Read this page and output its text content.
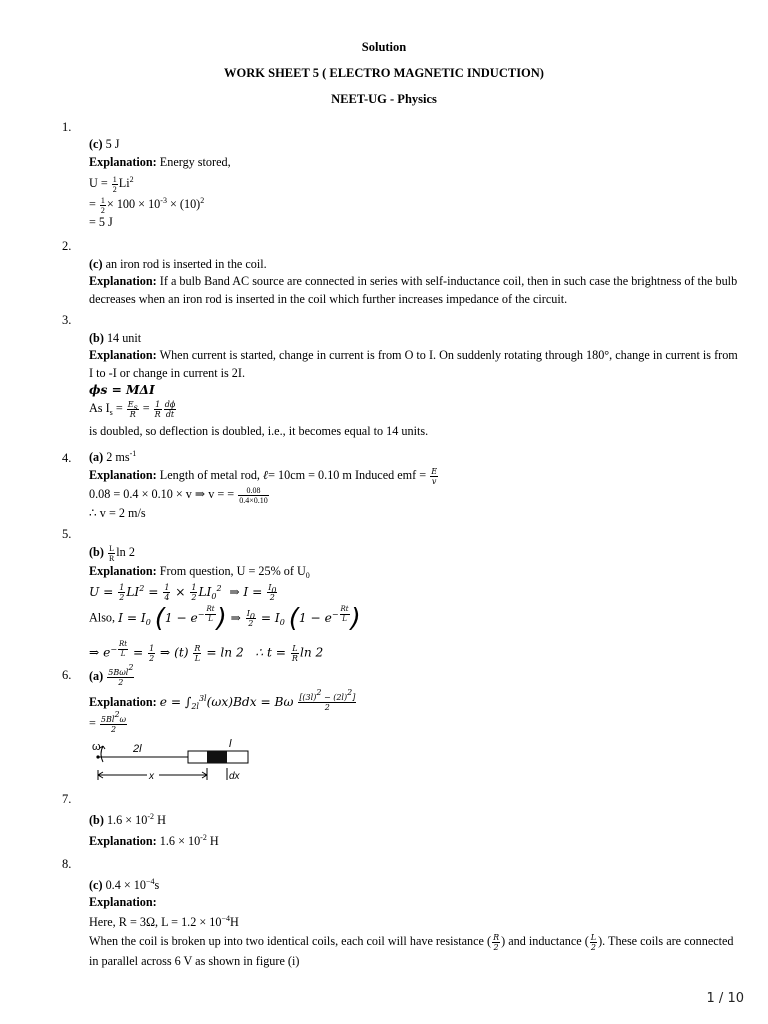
Solution
WORK SHEET 5 ( ELECTRO MAGNETIC INDUCTION)
NEET-UG - Physics
1.
(c) 5 J
Explanation: Energy stored,
$U = \frac{1}{2} Li^2$
= $\frac{1}{2} \times 100 \times 10^{-3} \times (10)^2$
= 5 J
2.
(c) an iron rod is inserted in the coil.
Explanation: If a bulb Band AC source are connected in series with self-inductance coil, then in such case the brightness of the bulb decreases when an iron rod is inserted in the coil which further increases impedance of the circuit.
3.
(b) 14 unit
Explanation: When current is started, change in current is from O to I. On suddenly rotating through 180°, change in current is from I to -I or change in current is 2I.
ϕs = MΔI
As $I_s = \frac{E_s}{R} = \frac{1}{R} \frac{d\phi}{dt}$
is doubled, so deflection is doubled, i.e., it becomes equal to 14 units.
4. (a) 2 $ms^{-1}$
Explanation: Length of metal rod, ℓ= 10cm = 0.10 m Induced emf = $\frac{E}{v}$
0.08 = 0.4 × 0.10 × v ⇒ v = = $\frac{0.08}{0.4\times 0.10}$
∴ v = 2 m/s
5.
$(b) \frac{L}{R}$ ln 2
Explanation: From question, U = 25% of $U_0$
$U = \frac{1}{2} LI^2 = \frac{1}{4} \times \frac{1}{2} LI_0^2$  ⇒ $I = \frac{I_0}{2}$
Also, $I = I_0$ ($1 - e^{- \frac{Rt}{L}}$ ) ⇒ $\frac{I_0}{2} = I_0$ ($1 - e^{- \frac{Rt}{L}}$ )
⇒ $e^{- \frac{Rt}{L}} = \frac{1}{2}$ ⇒ $(t) \frac{R}{L} = \ln 2$   ∴ $t = \frac{L}{R}$ ln 2
6. $(a) \frac{5B\omega l^2}{2}$
Explanation: $e = \int_{2l}^{3l}(\omega x)Bdx = B\omega \frac{[(3l)^2 - (2l)^2]}{2}$
= $\frac{5Bl^2\omega}{2}$
ω	2l	l
x	dx
7.
(b) $1.6 \times 10^{-2}$ H
Explanation: $1.6 \times 10^{-2}$ H
8.
(c) $0.4 \times 10^{-4}s$
Explanation:
Here, R = 3Ω, $L = 1.2 \times 10^{-4}H$
When the coil is broken up into two identical coils, each coil will have resistance ( $\frac{R}{2}$ ) and inductance ( $\frac{L}{2}$ ). These coils are connected in parallel across 6 V as shown in figure (i)
1 / 10
